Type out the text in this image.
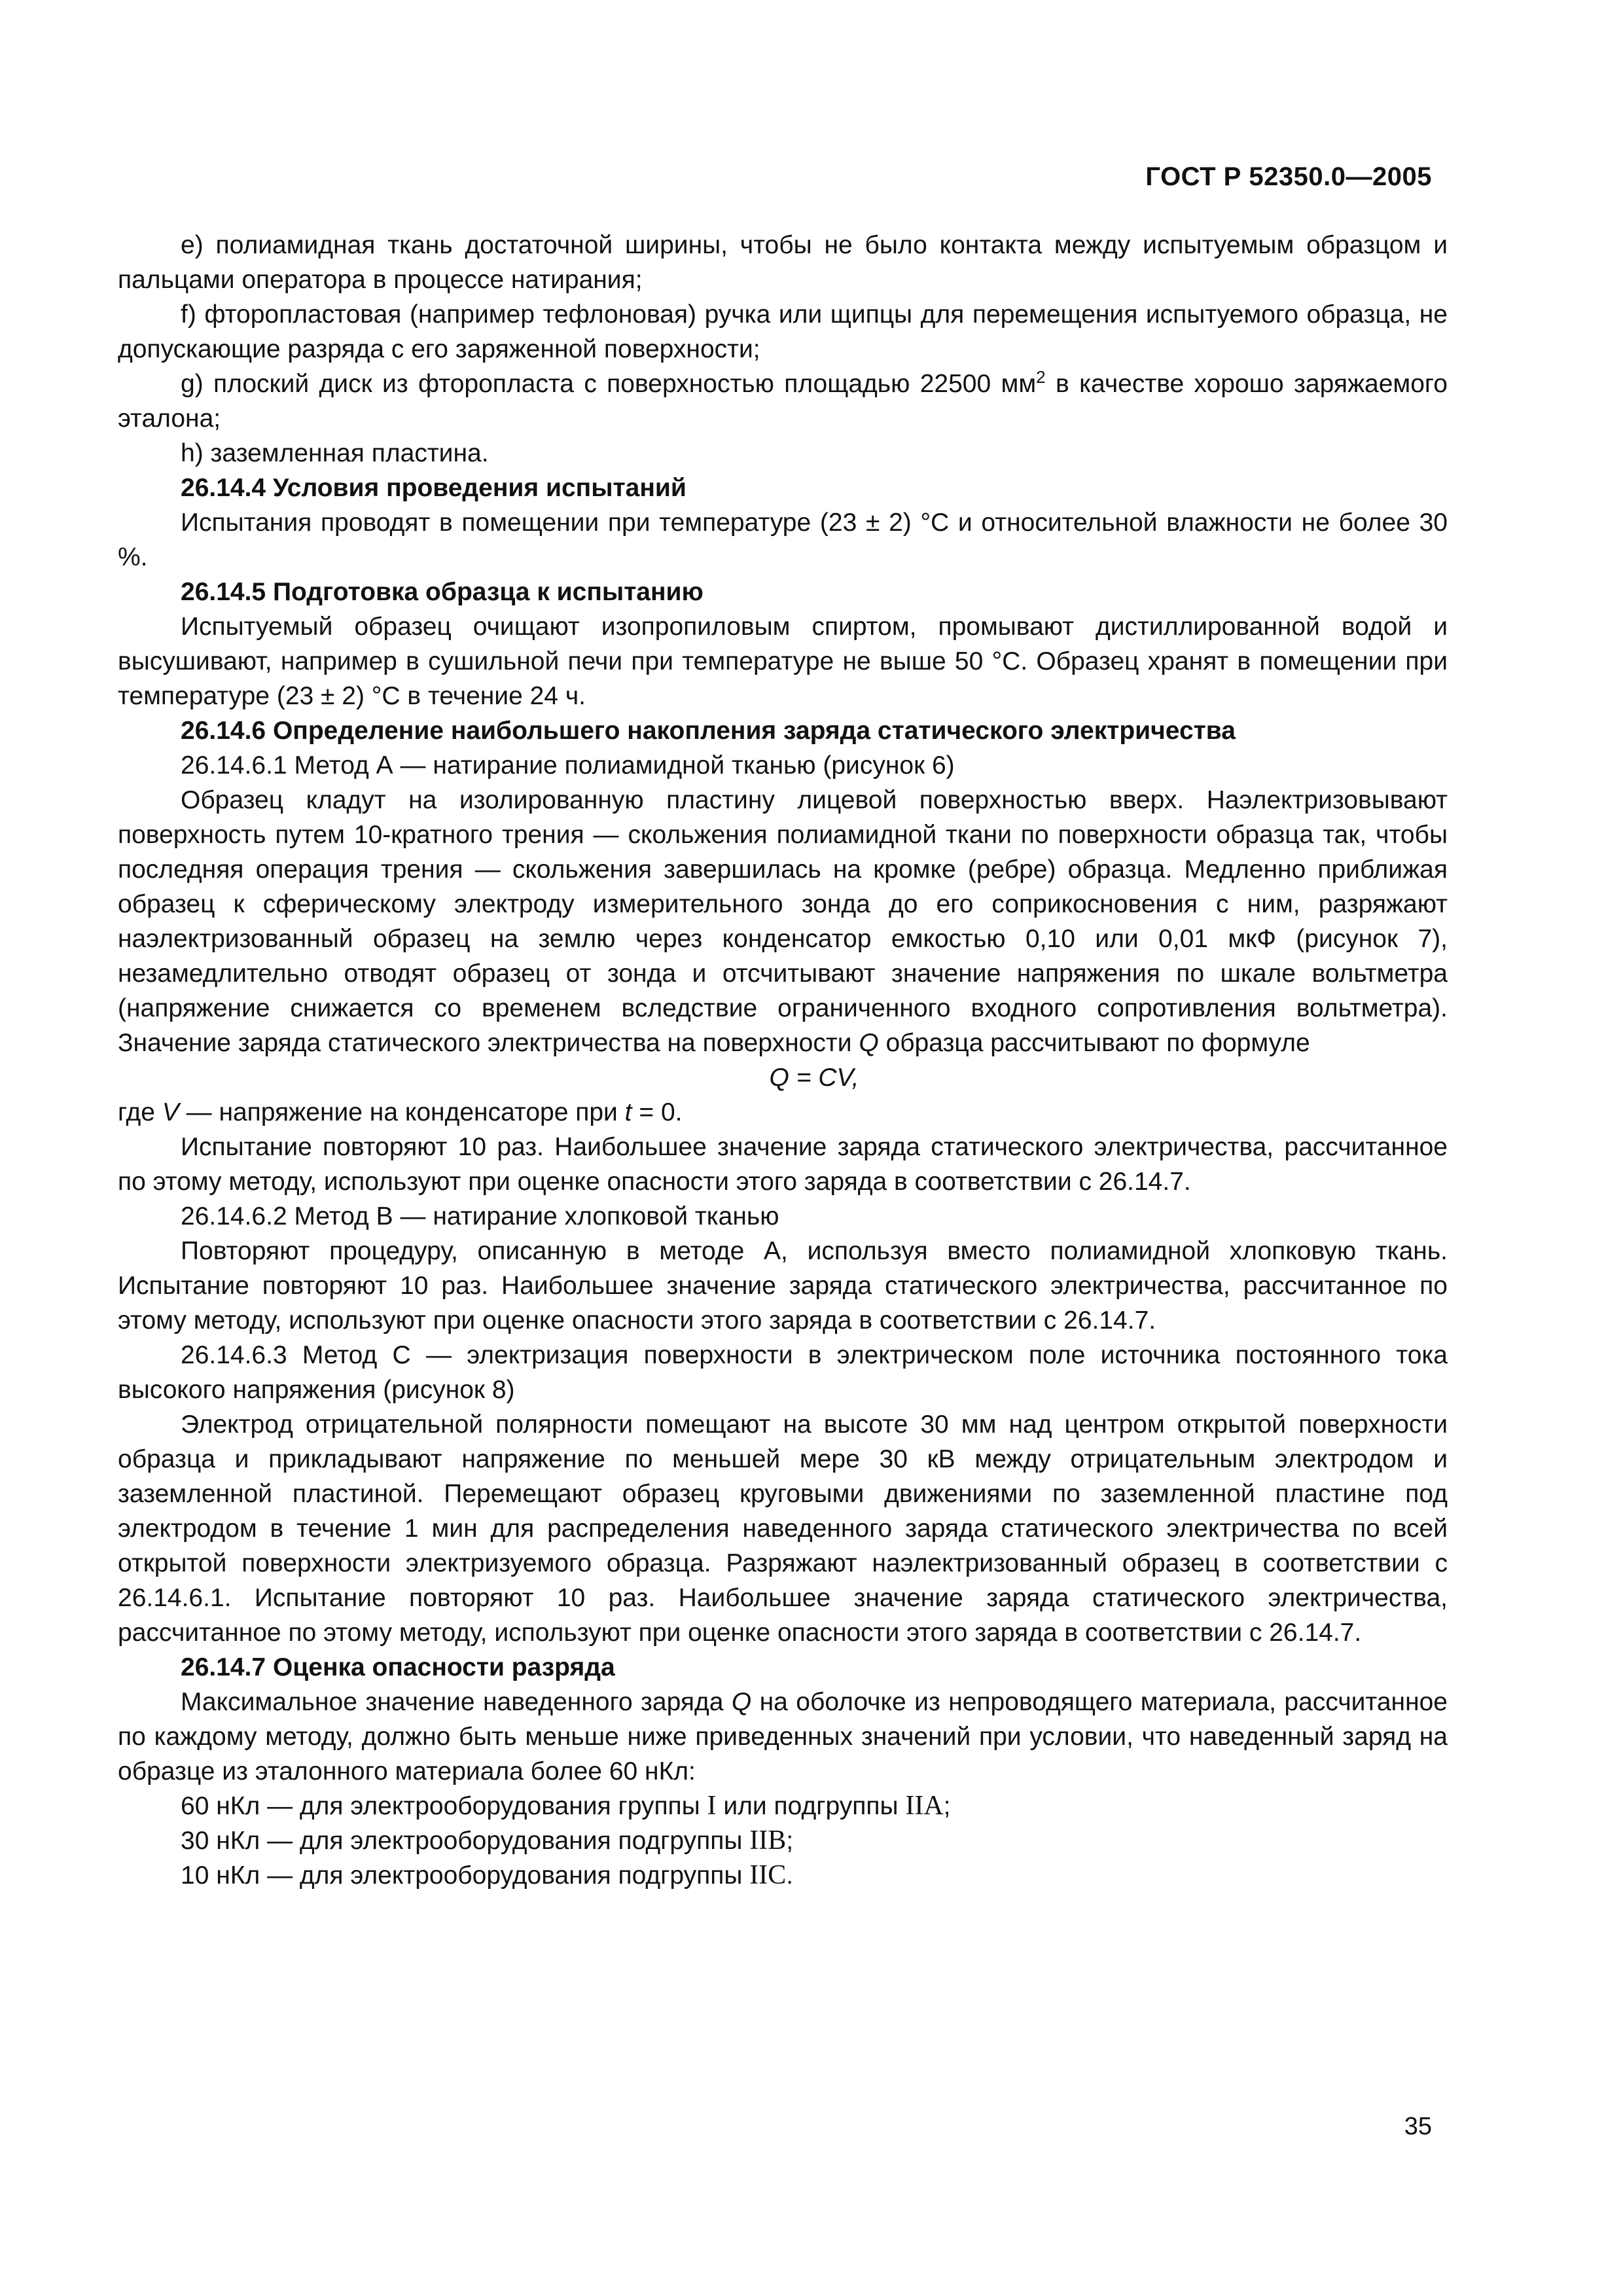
ГОСТ Р 52350.0—2005

е) полиамидная ткань достаточной ширины, чтобы не было контакта между испытуемым образцом и пальцами оператора в процессе натирания;

f) фторопластовая (например тефлоновая) ручка или щипцы для перемещения испытуемого образца, не допускающие разряда с его заряженной поверхности;

g) плоский диск из фторопласта с поверхностью площадью 22500 $мм^2$ в качестве хорошо заряжаемого эталона;

h) заземленная пластина.

26.14.4 Условия проведения испытаний

Испытания проводят в помещении при температуре (23 ± 2) °С и относительной влажности не более 30 %.

26.14.5 Подготовка образца к испытанию

Испытуемый образец очищают изопропиловым спиртом, промывают дистиллированной водой и высушивают, например в сушильной печи при температуре не выше 50 °С. Образец хранят в помещении при температуре (23 ± 2) °С в течение 24 ч.

26.14.6 Определение наибольшего накопления заряда статического электричества

26.14.6.1 Метод А — натирание полиамидной тканью (рисунок 6)

Образец кладут на изолированную пластину лицевой поверхностью вверх. Наэлектризовывают поверхность путем 10-кратного трения — скольжения полиамидной ткани по поверхности образца так, чтобы последняя операция трения — скольжения завершилась на кромке (ребре) образца. Медленно приближая образец к сферическому электроду измерительного зонда до его соприкосновения с ним, разряжают наэлектризованный образец на землю через конденсатор емкостью 0,10 или 0,01 мкФ (рисунок 7), незамедлительно отводят образец от зонда и отсчитывают значение напряжения по шкале вольтметра (напряжение снижается со временем вследствие ограниченного входного сопротивления вольтметра). Значение заряда статического электричества на поверхности Q образца рассчитывают по формуле

Q = CV,

где V — напряжение на конденсаторе при t = 0.

Испытание повторяют 10 раз. Наибольшее значение заряда статического электричества, рассчитанное по этому методу, используют при оценке опасности этого заряда в соответствии с 26.14.7.

26.14.6.2 Метод В — натирание хлопковой тканью

Повторяют процедуру, описанную в методе А, используя вместо полиамидной хлопковую ткань. Испытание повторяют 10 раз. Наибольшее значение заряда статического электричества, рассчитанное по этому методу, используют при оценке опасности этого заряда в соответствии с 26.14.7.

26.14.6.3 Метод С — электризация поверхности в электрическом поле источника постоянного тока высокого напряжения (рисунок 8)

Электрод отрицательной полярности помещают на высоте 30 мм над центром открытой поверхности образца и прикладывают напряжение по меньшей мере 30 кВ между отрицательным электродом и заземленной пластиной. Перемещают образец круговыми движениями по заземленной пластине под электродом в течение 1 мин для распределения наведенного заряда статического электричества по всей открытой поверхности электризуемого образца. Разряжают наэлектризованный образец в соответствии с 26.14.6.1. Испытание повторяют 10 раз. Наибольшее значение заряда статического электричества, рассчитанное по этому методу, используют при оценке опасности этого заряда в соответствии с 26.14.7.

26.14.7 Оценка опасности разряда

Максимальное значение наведенного заряда Q на оболочке из непроводящего материала, рассчитанное по каждому методу, должно быть меньше ниже приведенных значений при условии, что наведенный заряд на образце из эталонного материала более 60 нКл:

60 нКл — для электрооборудования группы I или подгруппы IIA;

30 нКл — для электрооборудования подгруппы IIB;

10 нКл — для электрооборудования подгруппы IIC.

35
